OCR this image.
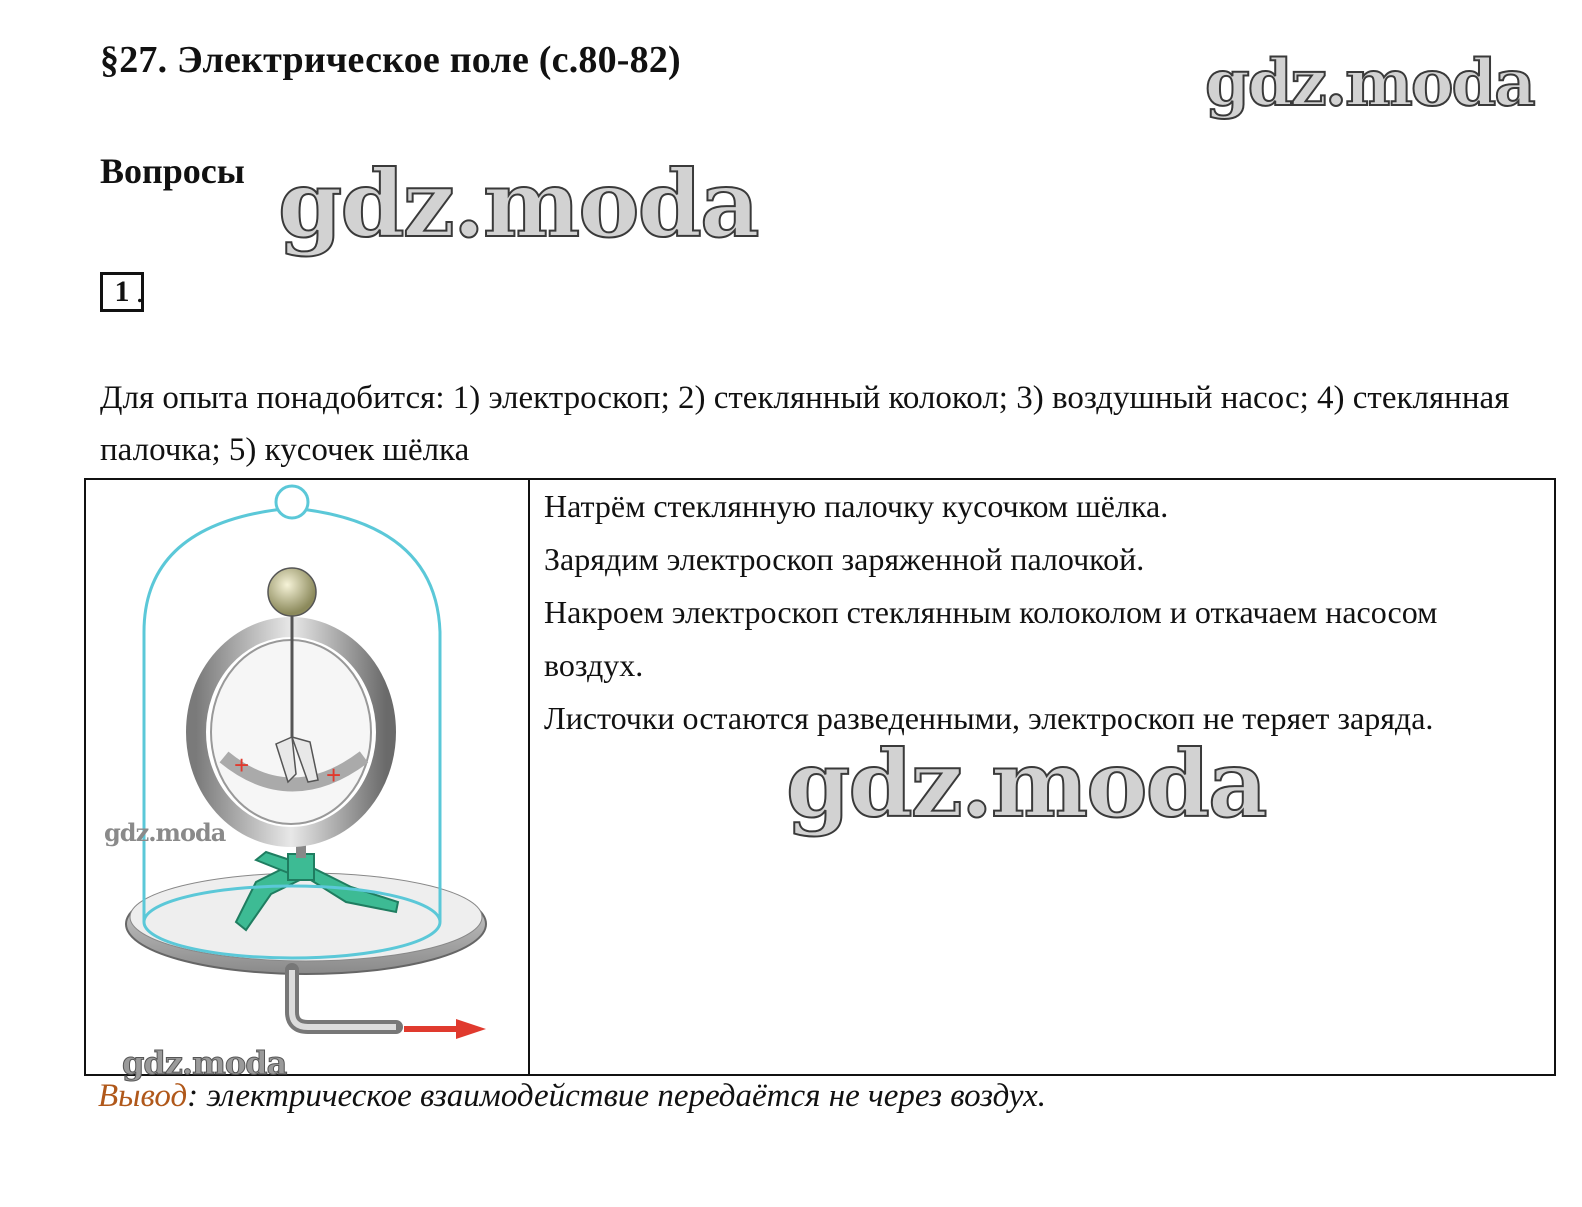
§27. Электрическое поле (с.80-82)
Вопросы
1 .
Для опыта понадобится: 1) электроскоп; 2) стеклянный колокол; 3) воздушный насос; 4) стеклянная палочка; 5) кусочек шёлка
+	+

Натрём стеклянную палочку кусочком шёлка.

Зарядим электроскоп заряженной палочкой.

Накроем электроскоп стеклянным колоколом и откачаем насосом воздух.

Листочки остаются разведенными, электроскоп не теряет заряда.

Вывод: электрическое взаимодействие передаётся не через воздух.
gdz.moda
gdz.moda
gdz.moda
gdz.moda
gdz.moda
